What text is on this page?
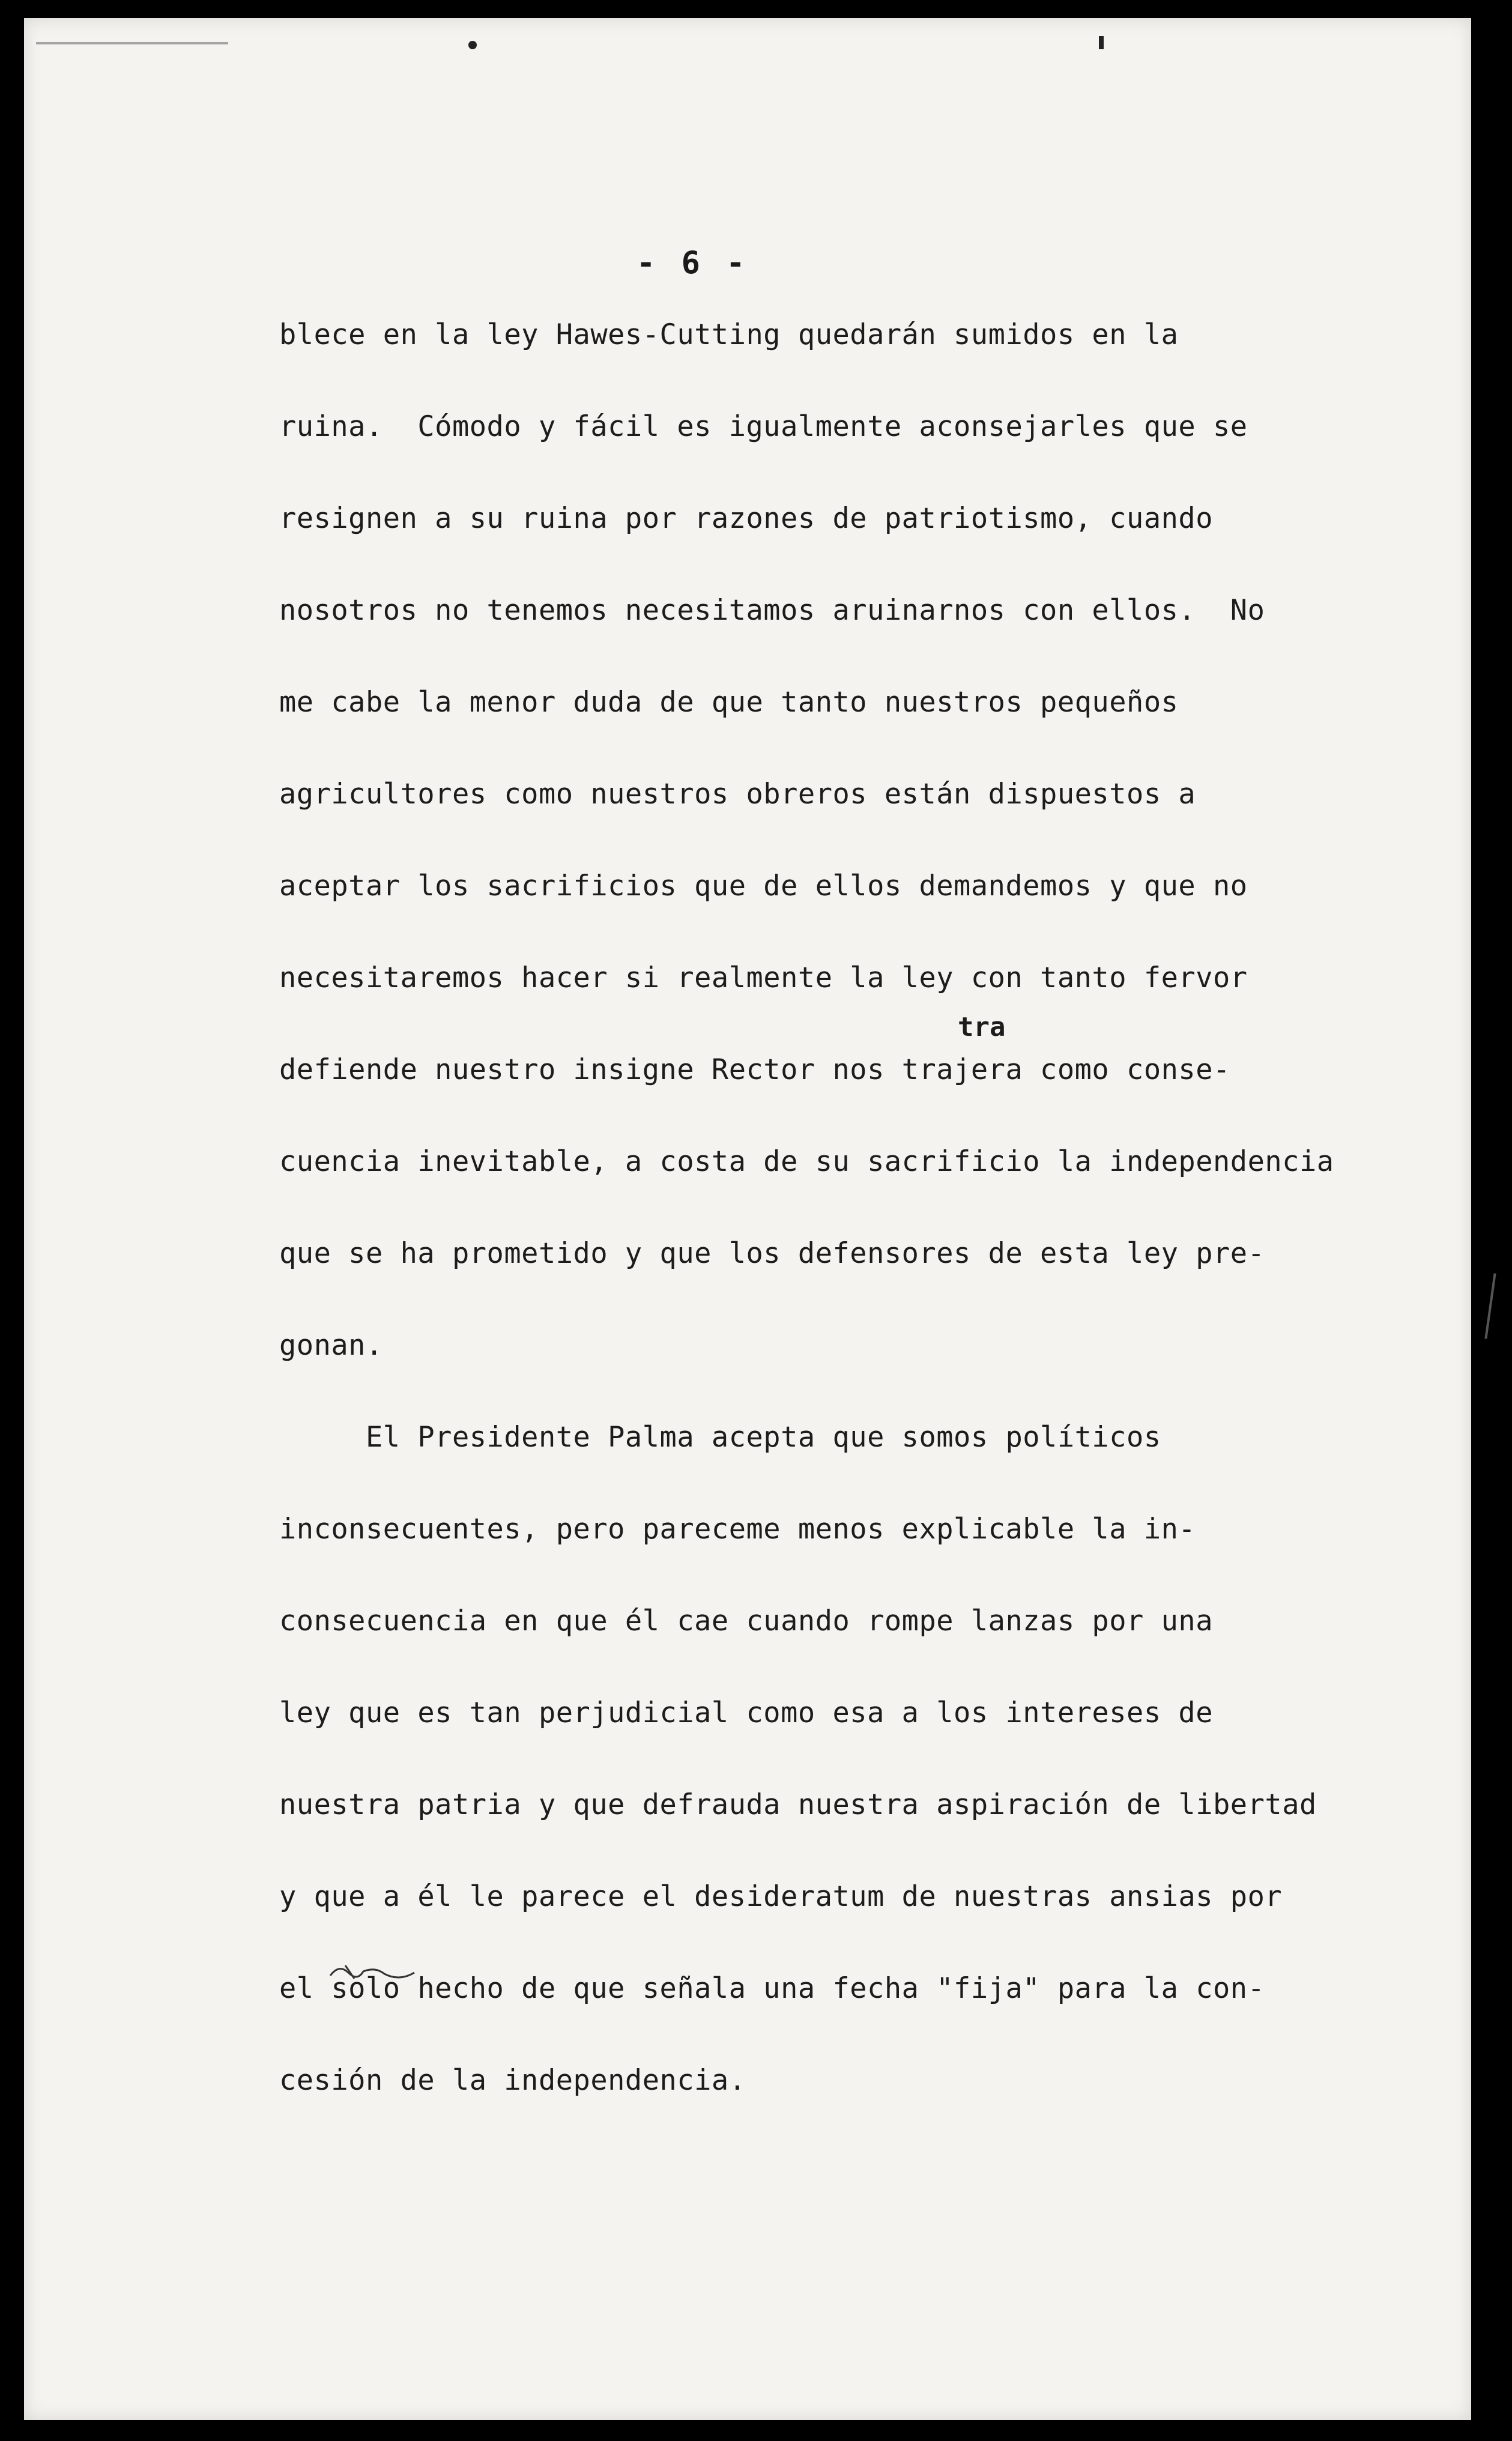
- 6 -
blece en la ley Hawes-Cutting quedarán sumidos en la
ruina.  Cómodo y fácil es igualmente aconsejarles que se
resignen a su ruina por razones de patriotismo, cuando
nosotros no tenemos necesitamos aruinarnos con ellos.  No
me cabe la menor duda de que tanto nuestros pequeños
agricultores como nuestros obreros están dispuestos a
aceptar los sacrificios que de ellos demandemos y que no
necesitaremos hacer si realmente la ley con tanto fervor
tra
defiende nuestro insigne Rector nos trajera como conse-
cuencia inevitable, a costa de su sacrificio la independencia
que se ha prometido y que los defensores de esta ley pre-
gonan.
El Presidente Palma acepta que somos políticos
inconsecuentes, pero pareceme menos explicable la in-
consecuencia en que él cae cuando rompe lanzas por una
ley que es tan perjudicial como esa a los intereses de
nuestra patria y que defrauda nuestra aspiración de libertad
y que a él le parece el desideratum de nuestras ansias por
el solo hecho de que señala una fecha "fija" para la con-
cesión de la independencia.
